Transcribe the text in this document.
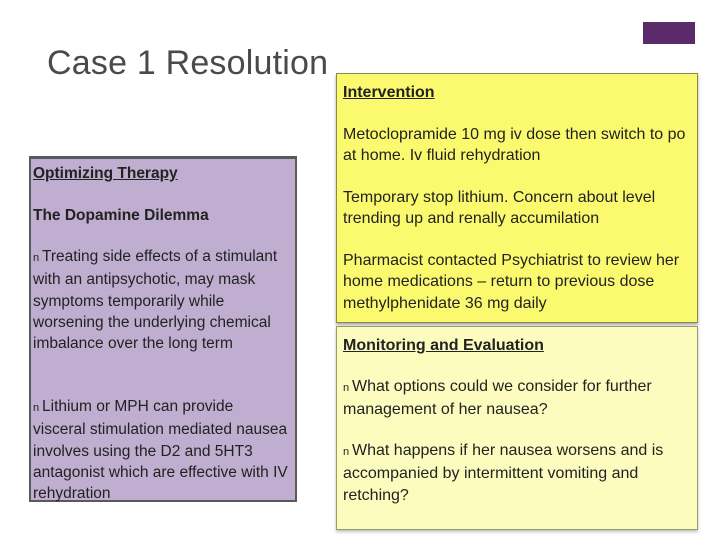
Case 1 Resolution
Optimizing Therapy
The Dopamine Dilemma
n Treating side effects of a stimulant with an antipsychotic, may mask symptoms temporarily while worsening the underlying chemical imbalance over the long term
n Lithium or MPH can provide visceral stimulation mediated nausea involves using the D2 and 5HT3 antagonist which are effective with IV rehydration
Intervention
Metoclopramide 10 mg iv dose then switch to po at home. Iv fluid rehydration
Temporary stop lithium. Concern about level trending up and renally accumilation
Pharmacist contacted Psychiatrist to review her home medications – return to previous dose methylphenidate 36 mg daily
Monitoring and Evaluation
n What options could we consider for further management of her nausea?
n What happens if her nausea worsens and is accompanied by intermittent vomiting and retching?
